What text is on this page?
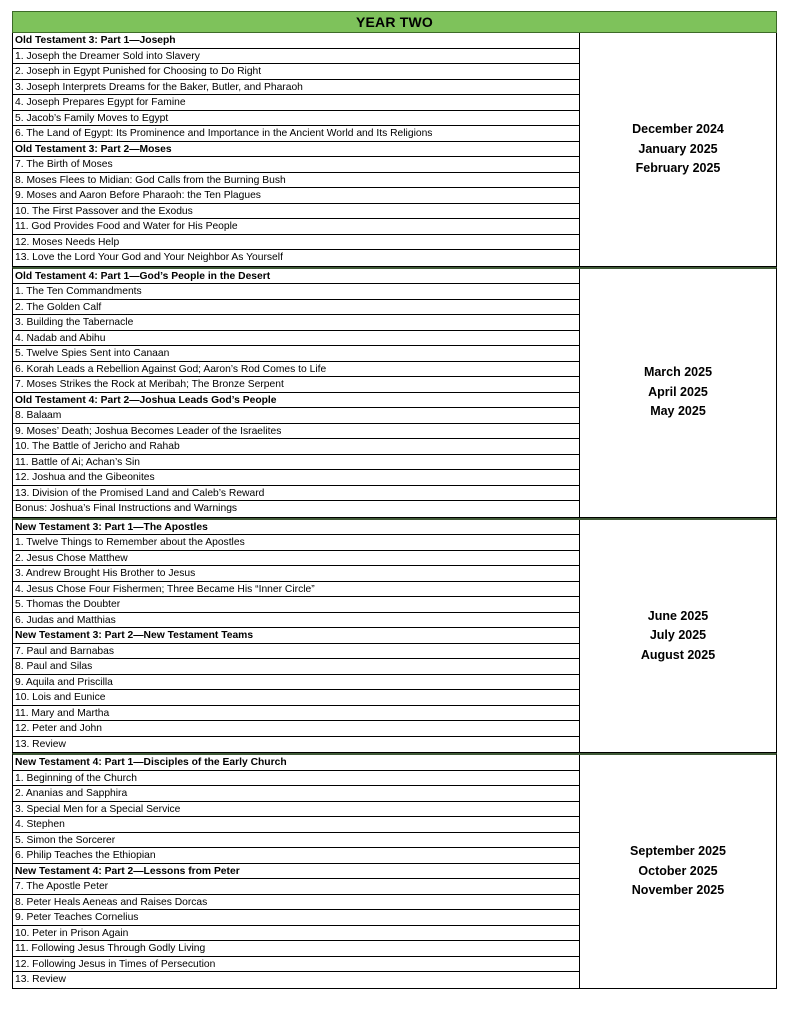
YEAR TWO
Old Testament 3: Part 1—Joseph
1. Joseph the Dreamer Sold into Slavery
2. Joseph in Egypt Punished for Choosing to Do Right
3. Joseph Interprets Dreams for the Baker, Butler, and Pharaoh
4. Joseph Prepares Egypt for Famine
5. Jacob’s Family Moves to Egypt
6. The Land of Egypt: Its Prominence and Importance in the Ancient World and Its Religions
Old Testament 3: Part 2—Moses
7. The Birth of Moses
8. Moses Flees to Midian: God Calls from the Burning Bush
9. Moses and Aaron Before Pharaoh: the Ten Plagues
10. The First Passover and the Exodus
11. God Provides Food and Water for His People
12. Moses Needs Help
13. Love the Lord Your God and Your Neighbor As Yourself
December 2024
January 2025
February 2025
Old Testament 4: Part 1—God’s People in the Desert
1. The Ten Commandments
2. The Golden Calf
3. Building the Tabernacle
4. Nadab and Abihu
5. Twelve Spies Sent into Canaan
6. Korah Leads a Rebellion Against God; Aaron’s Rod Comes to Life
7. Moses Strikes the Rock at Meribah; The Bronze Serpent
Old Testament 4: Part 2—Joshua Leads God’s People
8. Balaam
9. Moses’ Death; Joshua Becomes Leader of the Israelites
10. The Battle of Jericho and Rahab
11. Battle of Ai; Achan’s Sin
12. Joshua and the Gibeonites
13. Division of the Promised Land and Caleb’s Reward
Bonus: Joshua’s Final Instructions and Warnings
March 2025
April 2025
May 2025
New Testament 3: Part 1—The Apostles
1. Twelve Things to Remember about the Apostles
2. Jesus Chose Matthew
3. Andrew Brought His Brother to Jesus
4. Jesus Chose Four Fishermen; Three Became His “Inner Circle”
5. Thomas the Doubter
6. Judas and Matthias
New Testament 3: Part 2—New Testament Teams
7. Paul and Barnabas
8. Paul and Silas
9. Aquila and Priscilla
10. Lois and Eunice
11. Mary and Martha
12. Peter and John
13. Review
June 2025
July 2025
August 2025
New Testament 4: Part 1—Disciples of the Early Church
1. Beginning of the Church
2. Ananias and Sapphira
3. Special Men for a Special Service
4. Stephen
5. Simon the Sorcerer
6. Philip Teaches the Ethiopian
New Testament 4: Part 2—Lessons from Peter
7. The Apostle Peter
8. Peter Heals Aeneas and Raises Dorcas
9. Peter Teaches Cornelius
10. Peter in Prison Again
11. Following Jesus Through Godly Living
12. Following Jesus in Times of Persecution
13. Review
September 2025
October 2025
November 2025
